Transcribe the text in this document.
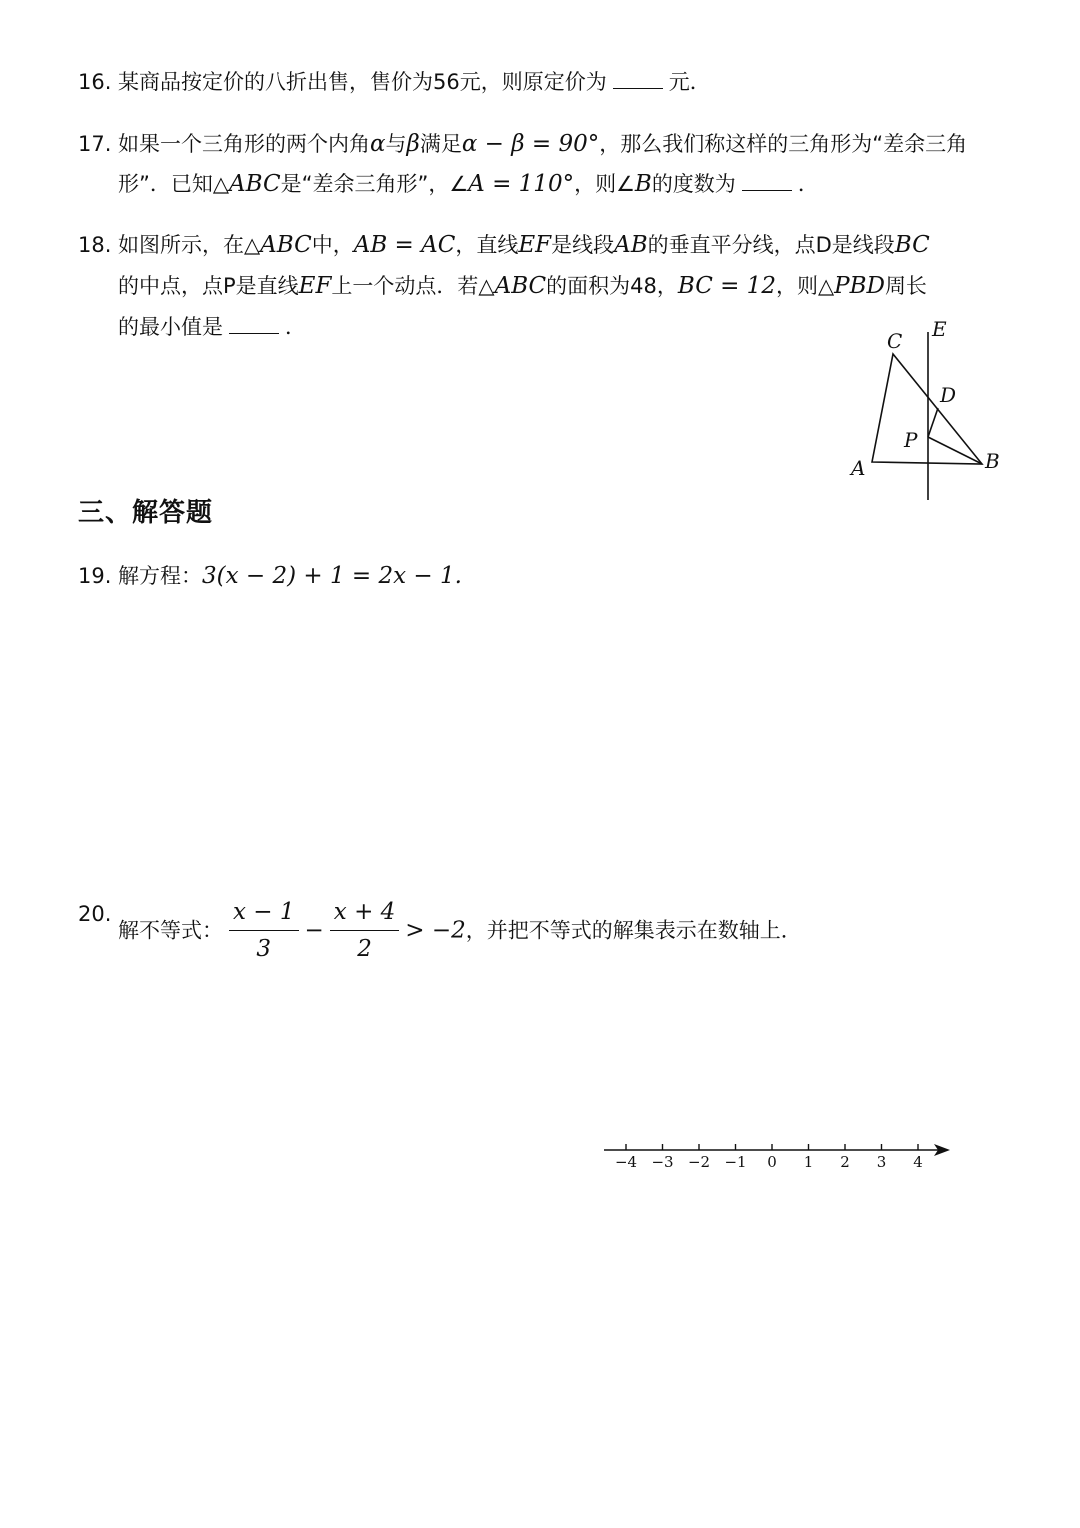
16. 某商品按定价的八折出售，售价为56元，则原定价为	元．
17. 如果一个三角形的两个内角α与β满足α − β = 90°，那么我们称这样的三角形为“差余三角
形”．已知△ABC是“差余三角形”，∠A = 110°，则∠B的度数为	．
18. 如图所示，在△ABC中，AB = AC，直线EF是线段AB的垂直平分线，点D是线段BC
的中点，点P是直线EF上一个动点．若△ABC的面积为48，BC = 12，则△PBD周长
的最小值是	．
C E
D
P
A	B
三、解答题
19. 解方程：3(x − 2) + 1 = 2x − 1.
20.解不等式： $\frac{x - 1}{3} - \frac{x + 4}{2} > -2$，并把不等式的解集表示在数轴上．
−4 −3 −2 −1 0 1 2 3 4
